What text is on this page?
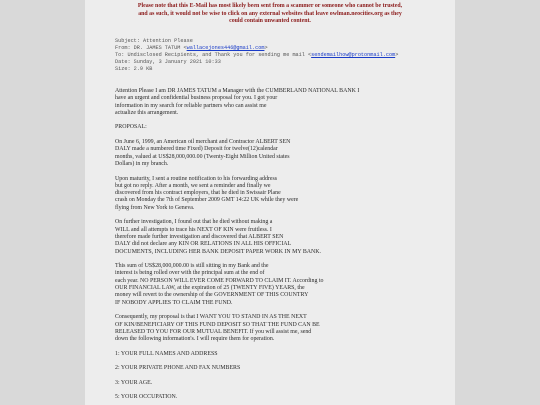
Please note that this E-Mail has most likely been sent from a scammer or someone who cannot be trusted,
and as such, it would not be wise to click on any external websites that leave owlman.neocities.org as they
could contain unwanted content.
Subject: Attention Please
From: DR. JAMES TATUM <wallacejones446@gmail.com>
To: Undisclosed Recipients, and Thank you for sending me mail <sendemailhow@protonmail.com>
Date: Sunday, 3 January 2021 10:33
Size: 2.9 KB

Attention Please I am DR JAMES TATUM a Manager with the CUMBERLAND NATIONAL BANK I
have an urgent and confidential business proposal for you. I got your
information in my search for reliable partners who can assist me
actualize this arrangement.

PROPOSAL:

On June 6, 1999, an American oil merchant and Contractor ALBERT SEN
DALY made a numbered time Fixed) Deposit for twelve(12)calendar
months, valued at US$28,000,000.00 (Twenty-Eight Million United states
Dollars) in my branch.

Upon maturity, I sent a routine notification to his forwarding address
but got no reply. After a month, we sent a reminder and finally we
discovered from his contract employers, that he died in Swissair Plane
crash on Monday the 7th of September 2009 GMT 14:22 UK while they were
flying from New York to Geneva.

On further investigation, I found out that he died without making a
WILL and all attempts to trace his NEXT OF KIN were fruitless. I
therefore made further investigation and discovered that ALBERT SEN
DALY did not declare any KIN OR RELATIONS IN ALL HIS OFFICIAL
DOCUMENTS, INCLUDING HER BANK DEPOSIT PAPER WORK IN MY BANK.

This sum of US$28,000,000.00 is still sitting in my Bank and the
interest is being rolled over with the principal sum at the end of
each year. NO PERSON WILL EVER COME FORWARD TO CLAIM IT. According to
OUR FINANCIAL LAW, at the expiration of 25 (TWENTY FIVE) YEARS, the
money will revert to the ownership of the GOVERNMENT OF THIS COUNTRY
IF NOBODY APPLIES TO CLAIM THE FUND.

Consequently, my proposal is that I WANT YOU TO STAND IN AS THE NEXT
OF KIN/BENEFICIARY OF THIS FUND DEPOSIT SO THAT THE FUND CAN BE
RELEASED TO YOU FOR OUR MUTUAL BENEFIT. If you will assist me, send
down the following information's. I will require them for operation.

1: YOUR FULL NAMES AND ADDRESS

2: YOUR PRIVATE PHONE AND FAX NUMBERS

3: YOUR AGE.

5: YOUR OCCUPATION.
